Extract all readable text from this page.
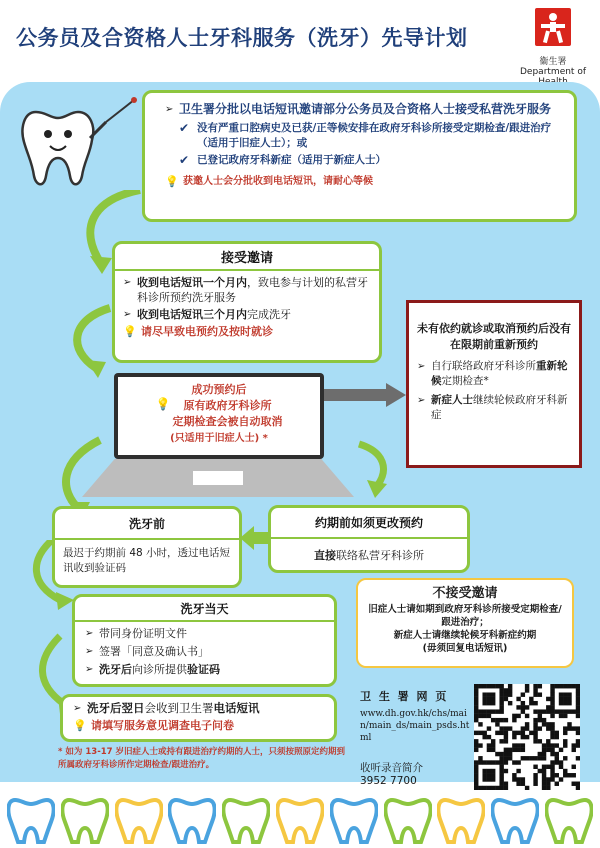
公务员及合资格人士牙科服务（洗牙）先导计划
衞生署
Department of
➢ 卫生署分批以电话短讯邀请部分公务员及合资格人士接受私营洗牙服务
✔ 没有严重口腔病史及已获/正等候安排在政府牙科诊所接受定期检查/跟进治疗（适用于旧症人士）；或
✔ 已登记政府牙科新症（适用于新症人士）
💡 获邀人士会分批收到电话短讯，请耐心等候
接受邀请
➢ 收到电话短讯一个月内，致电参与计划的私营牙科诊所预约洗牙服务
➢ 收到电话短讯三个月内完成洗牙
💡 请尽早致电预约及按时就诊
成功预约后
💡	原有政府牙科诊所
定期检查会被自动取消
(只适用于旧症人士) *
未有依约就诊或取消预约后没有在限期前重新预约
➢ 自行联络政府牙科诊所重新轮候定期检查*
➢ 新症人士继续轮候政府牙科新症
约期前如须更改预约
直接联络私营牙科诊所
洗牙前
最迟于约期前 48 小时，透过电话短讯收到验证码
洗牙当天
➢ 带同身份证明文件
➢ 签署「同意及确认书」
➢ 洗牙后向诊所提供验证码
➢ 洗牙后翌日会收到卫生署电话短讯
💡 请填写服务意见调查电子问卷
不接受邀请
旧症人士请如期到政府牙科诊所接受定期检查/跟进治疗；
新症人士请继续轮候牙科新症约期
(毋须回复电话短讯)
* 如为 13-17 岁旧症人士或持有跟进治疗约期的人士，只须按照原定约期到所属政府牙科诊所作定期检查/跟进治疗。
卫 生 署 网 页
www.dh.gov.hk/chs/main/main_ds/main_psds.html
收听录音简介
3952 7700
